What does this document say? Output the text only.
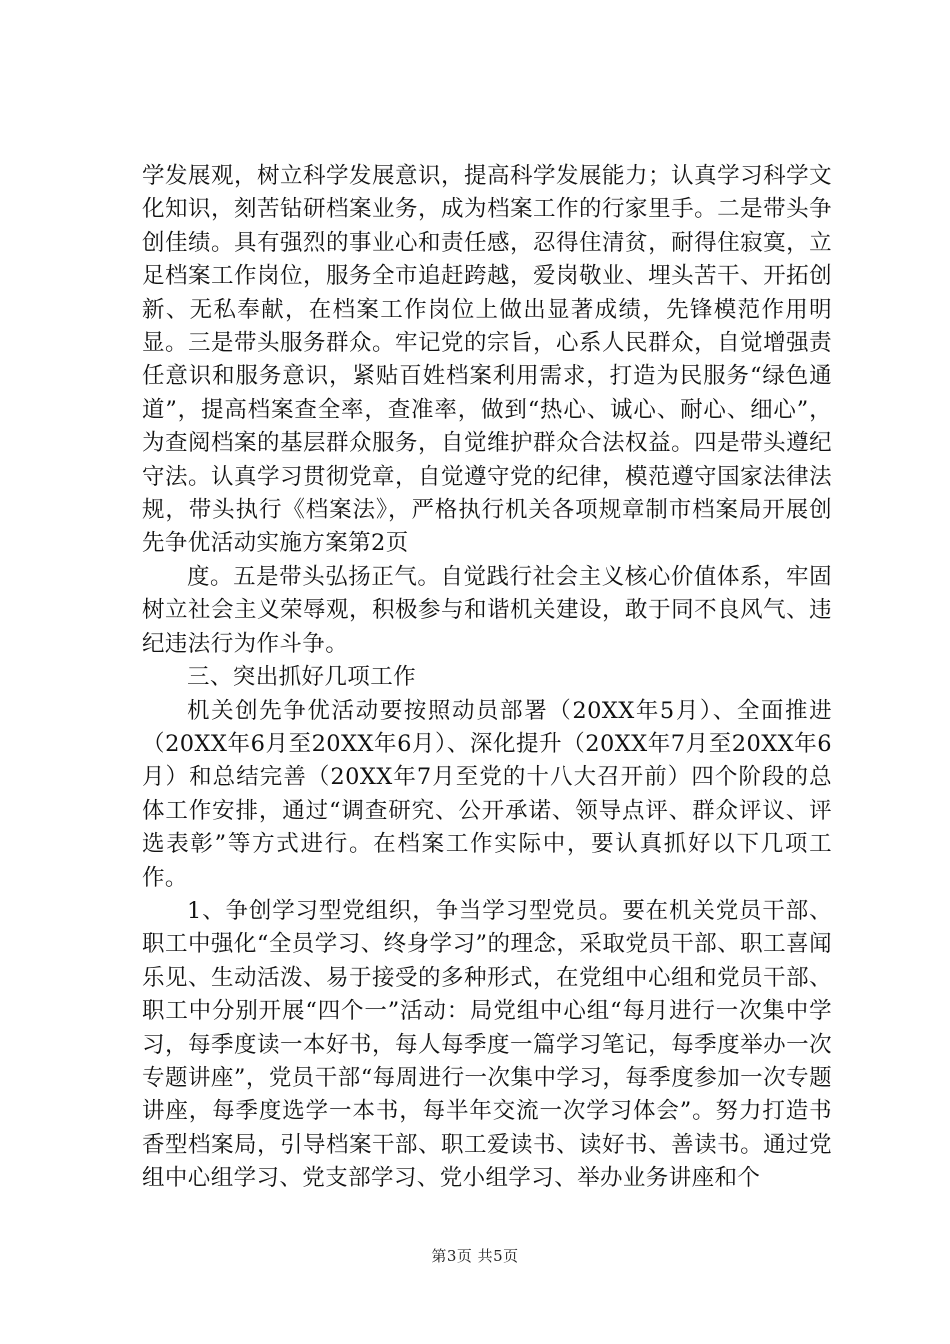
学发展观，树立科学发展意识，提高科学发展能力；认真学习科学文化知识，刻苦钻研档案业务，成为档案工作的行家里手。二是带头争创佳绩。具有强烈的事业心和责任感，忍得住清贫，耐得住寂寞，立足档案工作岗位，服务全市追赶跨越，爱岗敬业、埋头苦干、开拓创新、无私奉献，在档案工作岗位上做出显著成绩，先锋模范作用明显。三是带头服务群众。牢记党的宗旨，心系人民群众，自觉增强责任意识和服务意识，紧贴百姓档案利用需求，打造为民服务“绿色通道”，提高档案查全率，查准率，做到“热心、诚心、耐心、细心”，为查阅档案的基层群众服务，自觉维护群众合法权益。四是带头遵纪守法。认真学习贯彻党章，自觉遵守党的纪律，模范遵守国家法律法规，带头执行《档案法》，严格执行机关各项规章制市档案局开展创先争优活动实施方案第2页

度。五是带头弘扬正气。自觉践行社会主义核心价值体系，牢固树立社会主义荣辱观，积极参与和谐机关建设，敢于同不良风气、违纪违法行为作斗争。

三、突出抓好几项工作

机关创先争优活动要按照动员部署（20XX年5月）、全面推进（20XX年6月至20XX年6月）、深化提升（20XX年7月至20XX年6月）和总结完善（20XX年7月至党的十八大召开前）四个阶段的总体工作安排，通过“调查研究、公开承诺、领导点评、群众评议、评选表彰”等方式进行。在档案工作实际中，要认真抓好以下几项工作。

1、争创学习型党组织，争当学习型党员。要在机关党员干部、职工中强化“全员学习、终身学习”的理念，采取党员干部、职工喜闻乐见、生动活泼、易于接受的多种形式，在党组中心组和党员干部、职工中分别开展“四个一”活动：局党组中心组“每月进行一次集中学习，每季度读一本好书，每人每季度一篇学习笔记，每季度举办一次专题讲座”，党员干部“每周进行一次集中学习，每季度参加一次专题讲座，每季度选学一本书，每半年交流一次学习体会”。努力打造书香型档案局，引导档案干部、职工爱读书、读好书、善读书。通过党组中心组学习、党支部学习、党小组学习、举办业务讲座和个

第3页 共5页
